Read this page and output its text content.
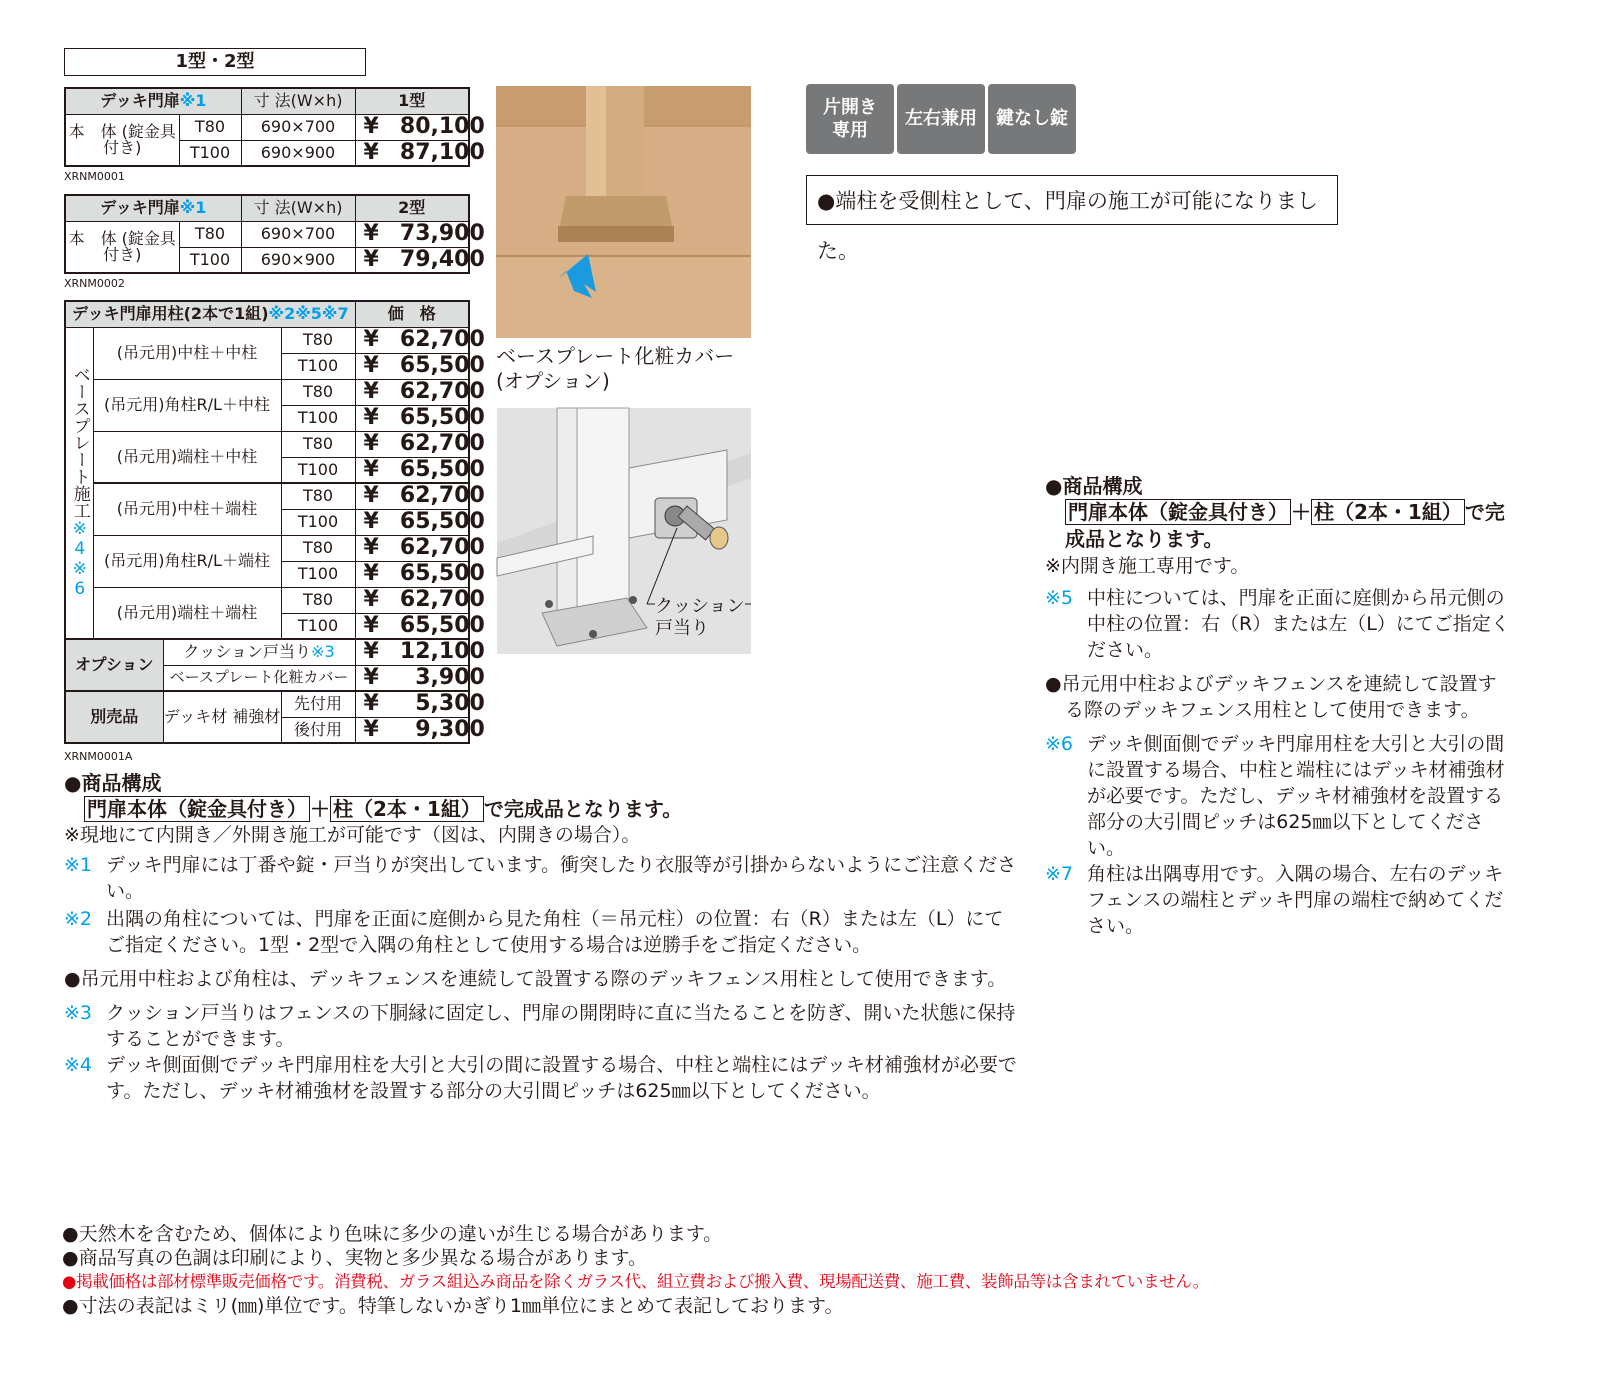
1型・2型
デッキ門扉※1		寸 法(W×h)	1型
本　体 (錠金具付き)	T80	690×700	¥ 80,100
	T100	690×900	¥ 87,100
XRNM0001
デッキ門扉※1		寸 法(W×h)	2型
本　体 (錠金具付き)	T80	690×700	¥ 73,900
	T100	690×900	¥ 79,400
XRNM0002
デッキ門扉用柱(2本で1組)※2※5※7				価　格

ベースプレート施工※4※6	(吊元用)中柱＋中柱		T80	¥ 62,700
			T100	¥ 65,500
	(吊元用)角柱R/L＋中柱		T80	¥ 62,700
			T100	¥ 65,500
	(吊元用)端柱＋中柱		T80	¥ 62,700
			T100	¥ 65,500
	(吊元用)中柱＋端柱		T80	¥ 62,700
			T100	¥ 65,500
	(吊元用)角柱R/L＋端柱		T80	¥ 62,700
			T100	¥ 65,500
	(吊元用)端柱＋端柱		T80	¥ 62,700
			T100	¥ 65,500
オプション		クッション戸当り※3		¥ 12,100
		ベースプレート化粧カバー		¥ 3,900
別売品		デッキ材 補強材	先付用	¥ 5,300
			後付用	¥ 9,300
XRNM0001A
ベースプレート化粧カバー
(オプション)
クッション
戸当り
片開き
専用
左右兼用 鍵なし錠
●端柱を受側柱として、門扉の施工が可能になりました。
●商品構成
門扉本体（錠金具付き） ＋ 柱（2本・1組） で完成品となります。
※現地にて内開き／外開き施工が可能です（図は、内開きの場合）。
※1 デッキ門扉には丁番や錠・戸当りが突出しています。衝突したり衣服等が引掛からないようにご注意ください。
※2 出隅の角柱については、門扉を正面に庭側から見た角柱（＝吊元柱）の位置：右（R）または左（L）にてご指定ください。1型・2型で入隅の角柱として使用する場合は逆勝手をご指定ください。
●吊元用中柱および角柱は、デッキフェンスを連続して設置する際のデッキフェンス用柱として使用できます。
※3 クッション戸当りはフェンスの下胴縁に固定し、門扉の開閉時に直に当たることを防ぎ、開いた状態に保持することができます。
※4 デッキ側面側でデッキ門扉用柱を大引と大引の間に設置する場合、中柱と端柱にはデッキ材補強材が必要です。ただし、デッキ材補強材を設置する部分の大引間ピッチは625㎜以下としてください。
●商品構成
門扉本体（錠金具付き） ＋ 柱（2本・1組） で完成品となります。
※内開き施工専用です。
※5 中柱については、門扉を正面に庭側から吊元側の中柱の位置：右（R）または左（L）にてご指定ください。
●吊元用中柱およびデッキフェンスを連続して設置する際のデッキフェンス用柱として使用できます。
※6 デッキ側面側でデッキ門扉用柱を大引と大引の間に設置する場合、中柱と端柱にはデッキ材補強材が必要です。ただし、デッキ材補強材を設置する部分の大引間ピッチは625㎜以下としてください。
※7 角柱は出隅専用です。入隅の場合、左右のデッキフェンスの端柱とデッキ門扉の端柱で納めてください。
●天然木を含むため、個体により色味に多少の違いが生じる場合があります。
●商品写真の色調は印刷により、実物と多少異なる場合があります。
●掲載価格は部材標準販売価格です。消費税、ガラス組込み商品を除くガラス代、組立費および搬入費、現場配送費、施工費、装飾品等は含まれていません。
●寸法の表記はミリ(㎜)単位です。特筆しないかぎり1㎜単位にまとめて表記しております。
